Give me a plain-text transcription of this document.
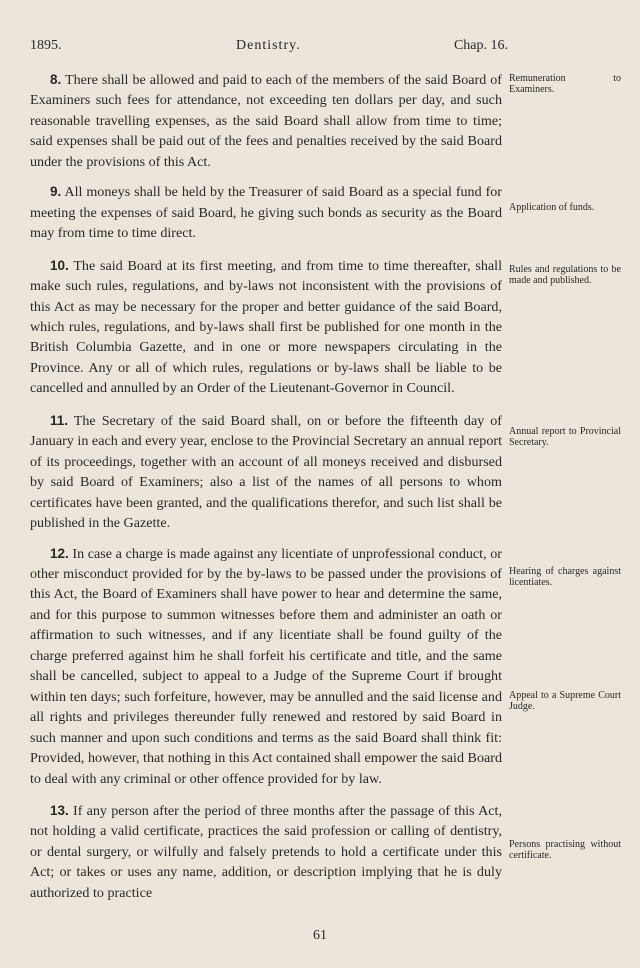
1895.	Dentistry.	Chap. 16.

8. There shall be allowed and paid to each of the members of the said Board of Examiners such fees for attendance, not exceeding ten dollars per day, and such reasonable travelling expenses, as the said Board shall allow from time to time; said expenses shall be paid out of the fees and penalties received by the said Board under the provisions of this Act.

9. All moneys shall be held by the Treasurer of said Board as a special fund for meeting the expenses of said Board, he giving such bonds as security as the Board may from time to time direct.

10. The said Board at its first meeting, and from time to time thereafter, shall make such rules, regulations, and by-laws not inconsistent with the provisions of this Act as may be necessary for the proper and better guidance of the said Board, which rules, regulations, and by-laws shall first be published for one month in the British Columbia Gazette, and in one or more newspapers circulating in the Province. Any or all of which rules, regulations or by-laws shall be liable to be cancelled and annulled by an Order of the Lieutenant-Governor in Council.

11. The Secretary of the said Board shall, on or before the fifteenth day of January in each and every year, enclose to the Provincial Secretary an annual report of its proceedings, together with an account of all moneys received and disbursed by said Board of Examiners; also a list of the names of all persons to whom certificates have been granted, and the qualifications therefor, and such list shall be published in the Gazette.

12. In case a charge is made against any licentiate of unprofessional conduct, or other misconduct provided for by the by-laws to be passed under the provisions of this Act, the Board of Examiners shall have power to hear and determine the same, and for this purpose to summon witnesses before them and administer an oath or affirmation to such witnesses, and if any licentiate shall be found guilty of the charge preferred against him he shall forfeit his certificate and title, and the same shall be cancelled, subject to appeal to a Judge of the Supreme Court if brought within ten days; such forfeiture, however, may be annulled and the said license and all rights and privileges thereunder fully renewed and restored by said Board in such manner and upon such conditions and terms as the said Board shall think fit: Provided, however, that nothing in this Act contained shall empower the said Board to deal with any criminal or other offence provided for by law.

13. If any person after the period of three months after the passage of this Act, not holding a valid certificate, practices the said profession or calling of dentistry, or dental surgery, or wilfully and falsely pretends to hold a certificate under this Act; or takes or uses any name, addition, or description implying that he is duly authorized to practice

Remuneration to Examiners.
Application of funds.
Rules and regulations to be made and published.
Annual report to Provincial Secretary.
Hearing of charges against licentiates.
Appeal to a Supreme Court Judge.
Persons practising without certificate.
61
